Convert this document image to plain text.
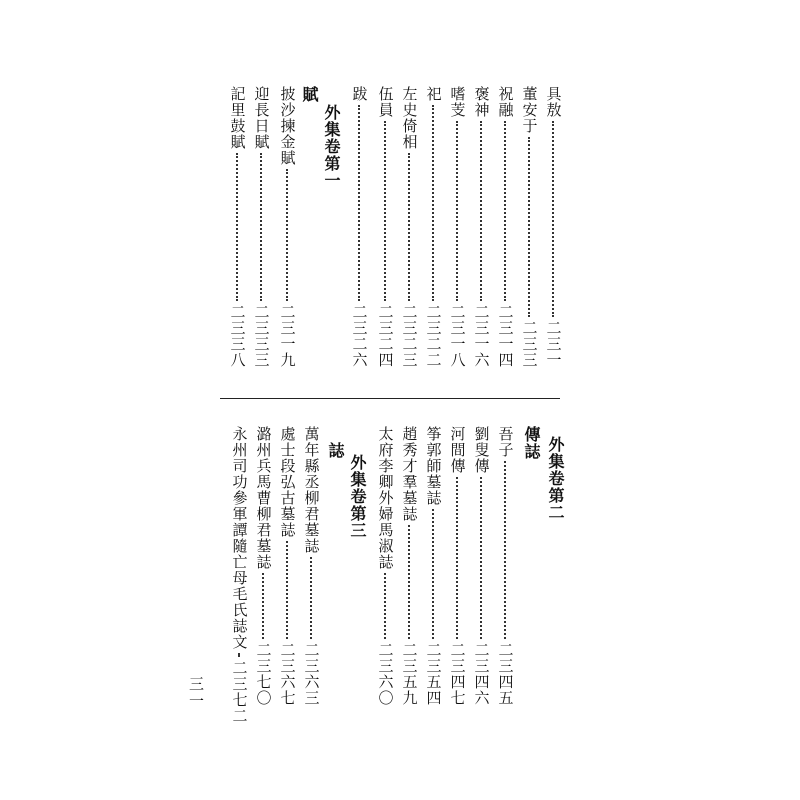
具敖
二三一
董安于
二三三
祝融
二三一四
褒神
二三一六
嗜芰
二三一八
祀
二三二二
左史倚相
二三二三
伍員
二三二四
跋
二三二六
外集卷第一
賦
披沙揀金賦
二三一九
迎長日賦
二三三三
記里鼓賦
二三三八
外集卷第二
傳誌
吾子
二三四五
劉叟傳
二三四六
河間傳
二三四七
筝郭師墓誌
二三五四
趙秀才羣墓誌
二三五九
太府李卿外婦馬淑誌
二三六〇
外集卷第三
誌
萬年縣丞柳君墓誌
二三六三
處士段弘古墓誌
二三六七
潞州兵馬曹柳君墓誌
二三七〇
永州司功參軍譚隨亡母毛氏誌文
二三七二
三一
